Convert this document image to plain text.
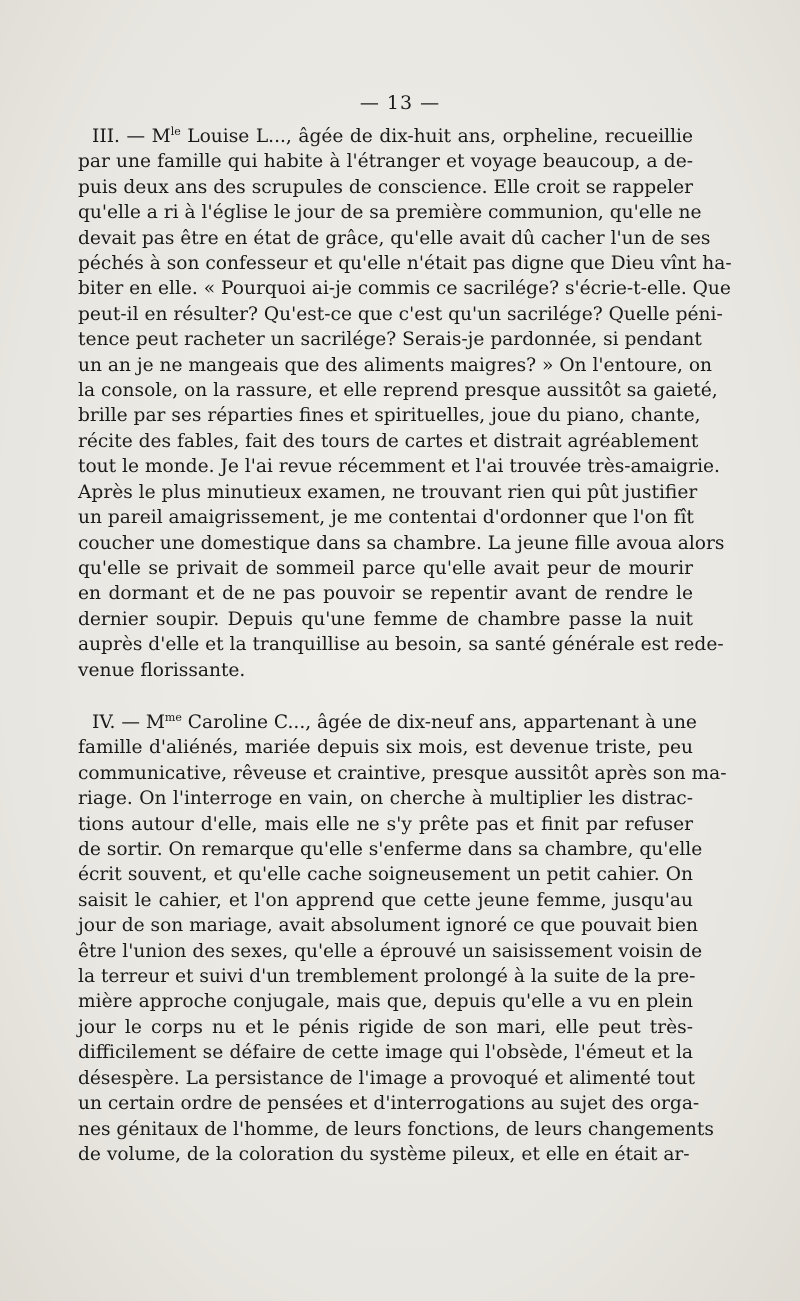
— 13 —

III. — $M^{le}$ Louise L..., âgée de dix-huit ans, orpheline, recueillie
par une famille qui habite à l'étranger et voyage beaucoup, a de-
puis deux ans des scrupules de conscience. Elle croit se rappeler
qu'elle a ri à l'église le jour de sa première communion, qu'elle ne
devait pas être en état de grâce, qu'elle avait dû cacher l'un de ses
péchés à son confesseur et qu'elle n'était pas digne que Dieu vînt ha-
biter en elle. « Pourquoi ai-je commis ce sacrilége? s'écrie-t-elle. Que
peut-il en résulter? Qu'est-ce que c'est qu'un sacrilége? Quelle péni-
tence peut racheter un sacrilége? Serais-je pardonnée, si pendant
un an je ne mangeais que des aliments maigres? » On l'entoure, on
la console, on la rassure, et elle reprend presque aussitôt sa gaieté,
brille par ses réparties fines et spirituelles, joue du piano, chante,
récite des fables, fait des tours de cartes et distrait agréablement
tout le monde. Je l'ai revue récemment et l'ai trouvée très-amaigrie.
Après le plus minutieux examen, ne trouvant rien qui pût justifier
un pareil amaigrissement, je me contentai d'ordonner que l'on fît
coucher une domestique dans sa chambre. La jeune fille avoua alors
qu'elle se privait de sommeil parce qu'elle avait peur de mourir
en dormant et de ne pas pouvoir se repentir avant de rendre le
dernier soupir. Depuis qu'une femme de chambre passe la nuit
auprès d'elle et la tranquillise au besoin, sa santé générale est rede-
venue florissante.

IV. — $M^{me}$ Caroline C..., âgée de dix-neuf ans, appartenant à une
famille d'aliénés, mariée depuis six mois, est devenue triste, peu
communicative, rêveuse et craintive, presque aussitôt après son ma-
riage. On l'interroge en vain, on cherche à multiplier les distrac-
tions autour d'elle, mais elle ne s'y prête pas et finit par refuser
de sortir. On remarque qu'elle s'enferme dans sa chambre, qu'elle
écrit souvent, et qu'elle cache soigneusement un petit cahier. On
saisit le cahier, et l'on apprend que cette jeune femme, jusqu'au
jour de son mariage, avait absolument ignoré ce que pouvait bien
être l'union des sexes, qu'elle a éprouvé un saisissement voisin de
la terreur et suivi d'un tremblement prolongé à la suite de la pre-
mière approche conjugale, mais que, depuis qu'elle a vu en plein
jour le corps nu et le pénis rigide de son mari, elle peut très-
difficilement se défaire de cette image qui l'obsède, l'émeut et la
désespère. La persistance de l'image a provoqué et alimenté tout
un certain ordre de pensées et d'interrogations au sujet des orga-
nes génitaux de l'homme, de leurs fonctions, de leurs changements
de volume, de la coloration du système pileux, et elle en était ar-
